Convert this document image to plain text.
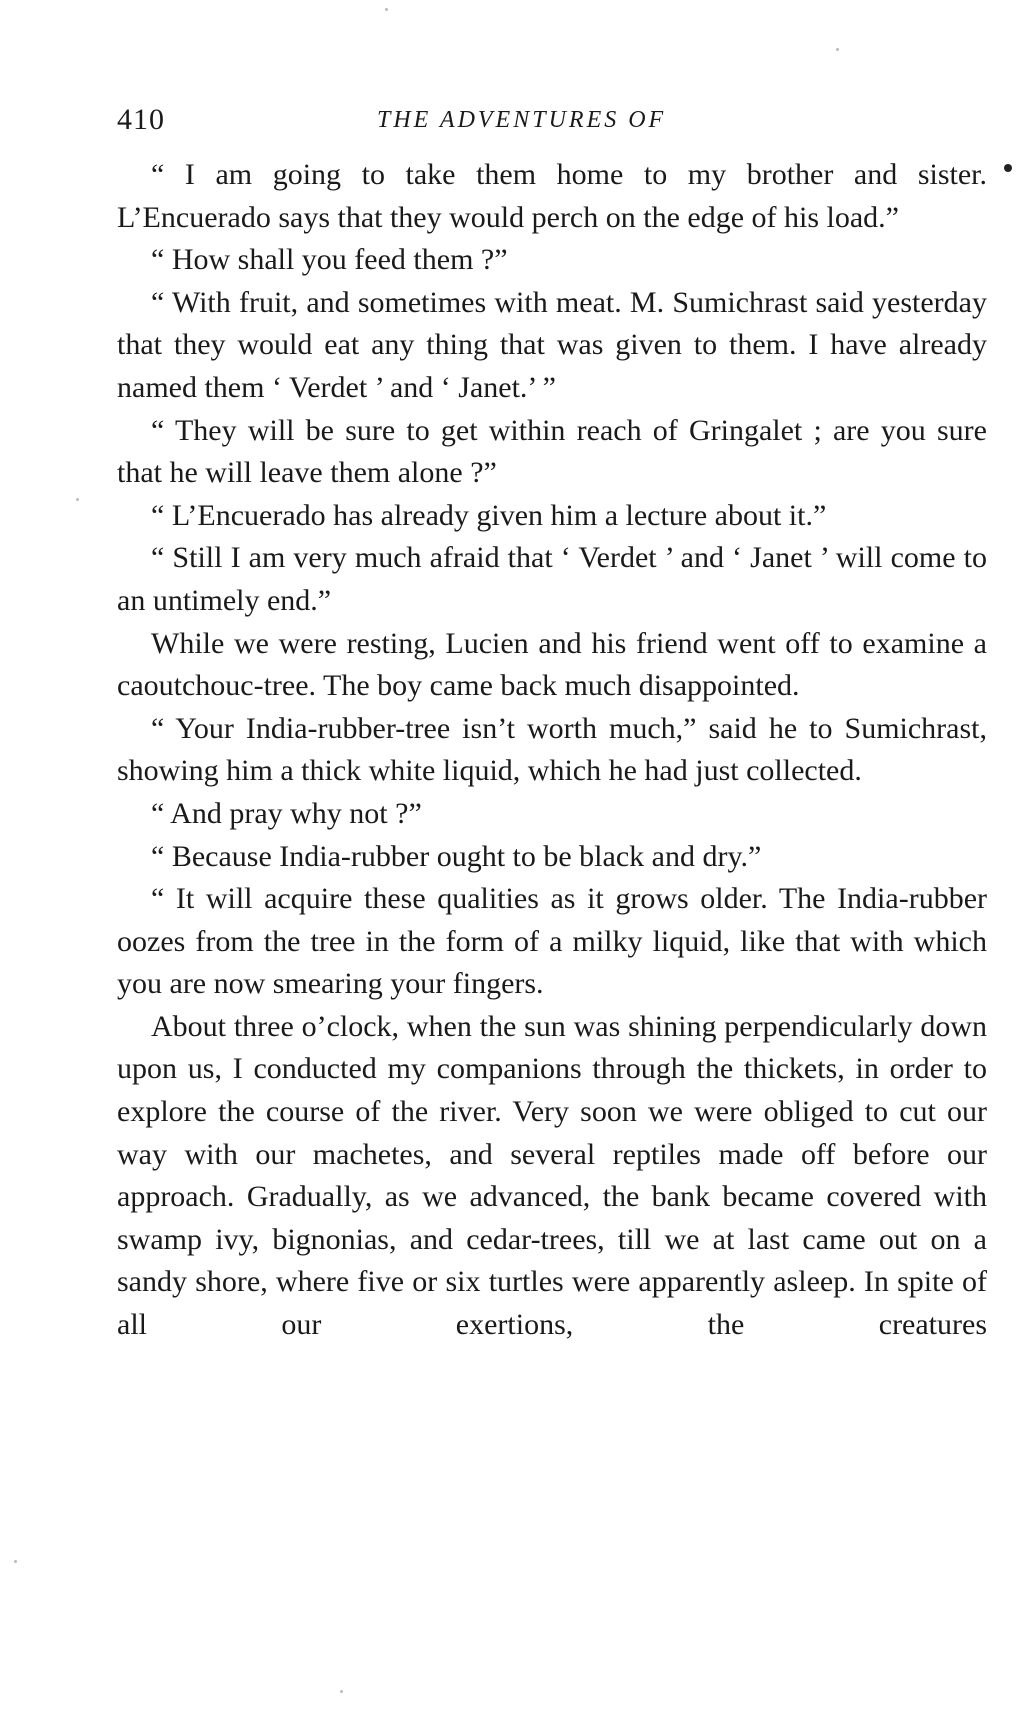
410	THE ADVENTURES OF

“ I am going to take them home to my brother and sister. L’Encuerado says that they would perch on the edge of his load.”

“ How shall you feed them ?”

“ With fruit, and sometimes with meat. M. Sumichrast said yesterday that they would eat any thing that was given to them. I have already named them ‘ Verdet ’ and ‘ Janet.’ ”

“ They will be sure to get within reach of Gringalet ; are you sure that he will leave them alone ?”

“ L’Encuerado has already given him a lecture about it.”

“ Still I am very much afraid that ‘ Verdet ’ and ‘ Janet ’ will come to an untimely end.”

While we were resting, Lucien and his friend went off to examine a caoutchouc-tree. The boy came back much disappointed.

“ Your India-rubber-tree isn’t worth much,” said he to Sumichrast, showing him a thick white liquid, which he had just collected.

“ And pray why not ?”

“ Because India-rubber ought to be black and dry.”

“ It will acquire these qualities as it grows older. The India-rubber oozes from the tree in the form of a milky liquid, like that with which you are now smearing your fingers.

About three o’clock, when the sun was shining perpendicularly down upon us, I conducted my companions through the thickets, in order to explore the course of the river. Very soon we were obliged to cut our way with our machetes, and several reptiles made off before our approach. Gradually, as we advanced, the bank became covered with swamp ivy, bignonias, and cedar-trees, till we at last came out on a sandy shore, where five or six turtles were apparently asleep. In spite of all our exertions, the creatures
